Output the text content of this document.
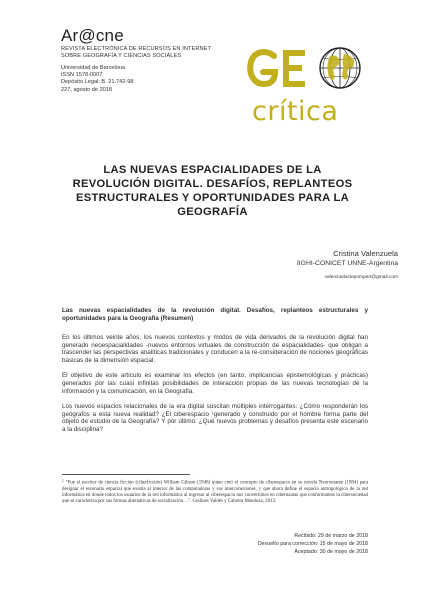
Ar@cne
REVISTA ELECTRÓNICA DE RECURSOS EN INTERNET
SOBRE GEOGRAFÍA Y CIENCIAS SOCIALES
Universidad de Barcelona
ISSN 1578-0007
Depósito Legal: B. 21.742-98
227, agosto de 2018
crítica
LAS NUEVAS ESPACIALIDADES DE LA
REVOLUCIÓN DIGITAL. DESAFÍOS, REPLANTEOS
ESTRUCTURALES Y OPORTUNIDADES PARA LA
GEOGRAFÍA
Cristina Valenzuela
IIGHI-CONICET UNNE-Argentina
valenzuelaclepompert@gmail.com
Las nuevas espacialidades de la revolución digital. Desafíos, replanteos estructurales y oportunidades para la Geografía (Resumen)

En los últimos veinte años, los nuevos contextos y modos de vida derivados de la revolución digital han generado neoespacialidades -nuevos entornos virtuales de construcción de espacialidades- que obligan a trascender las perspectivas analíticas tradicionales y conducen a la re-consideración de nociones geográficas básicas de la dimensión espacial.

El objetivo de este artículo es examinar los efectos (en tanto, implicancias epistemológicas y prácticas) generados por las cuasi infinitas posibilidades de interacción propias de las nuevas tecnologías de la información y la comunicación, en la Geografía.

Los nuevos espacios relacionales de la era digital suscitan múltiples interrogantes: ¿Cómo responderán los geógrafos a esta nueva realidad? ¿El ciberespacio ¹generado y construido por el hombre forma parte del objeto de estudio de la Geografía? Y por último: ¿Qué nuevos problemas y desafíos presenta este escenario a la disciplina?

$^1$ "Fue el escritor de ciencia ficción (ciberficción) William Gibson (1948) quien creó el concepto de ciberespacio en su novela Neuromante (1984) para designar el escenario espacial que existía al interior de las computadoras y sus interconexiones, y que ahora define el espacio antropológico de la red informática en donde todos los usuarios de la red informática al ingresar al ciberespacio nos convertimos en cibernautas que conformamos la cibersociedad que se caracteriza por sus formas alternativas de socialización…". Godines Valdés y Cabrera Mendoza, 2013.
Recibido: 29 de marzo de 2018
Devuelto para corrección: 15 de mayo de 2018
Aceptado: 30 de mayo de 2018
